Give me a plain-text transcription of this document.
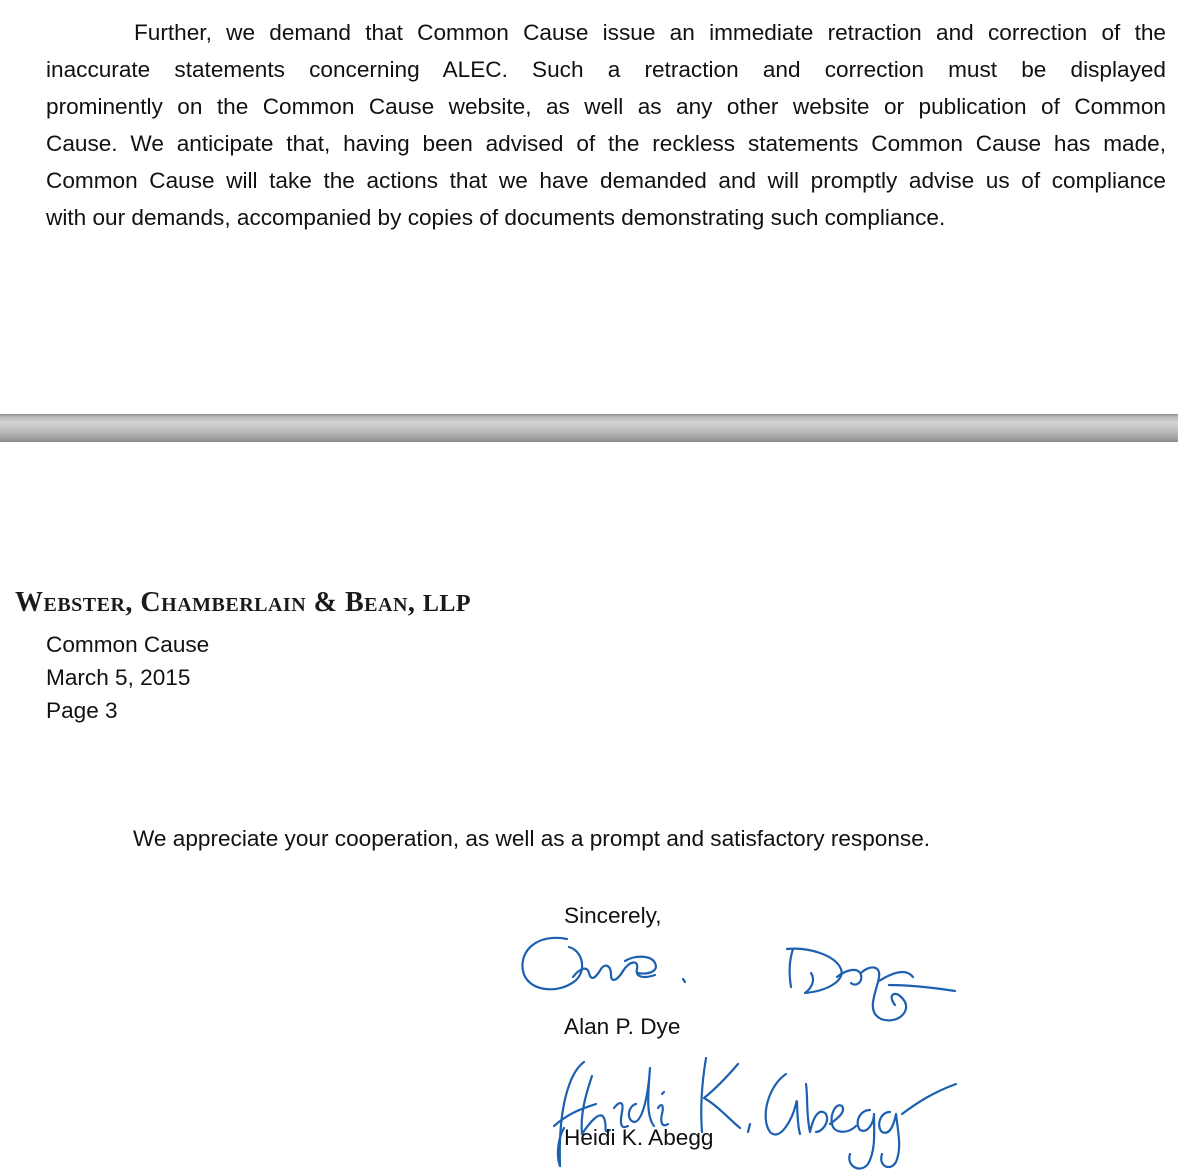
Further, we demand that Common Cause issue an immediate retraction and correction of the
inaccurate statements concerning ALEC. Such a retraction and correction must be displayed
prominently on the Common Cause website, as well as any other website or publication of Common
Cause. We anticipate that, having been advised of the reckless statements Common Cause has made,
Common Cause will take the actions that we have demanded and will promptly advise us of compliance
with our demands, accompanied by copies of documents demonstrating such compliance.
Webster, Chamberlain & Bean, LLP
Common Cause
March 5, 2015
Page 3
We appreciate your cooperation, as well as a prompt and satisfactory response.
Sincerely,
Alan P. Dye
Heidi K. Abegg
